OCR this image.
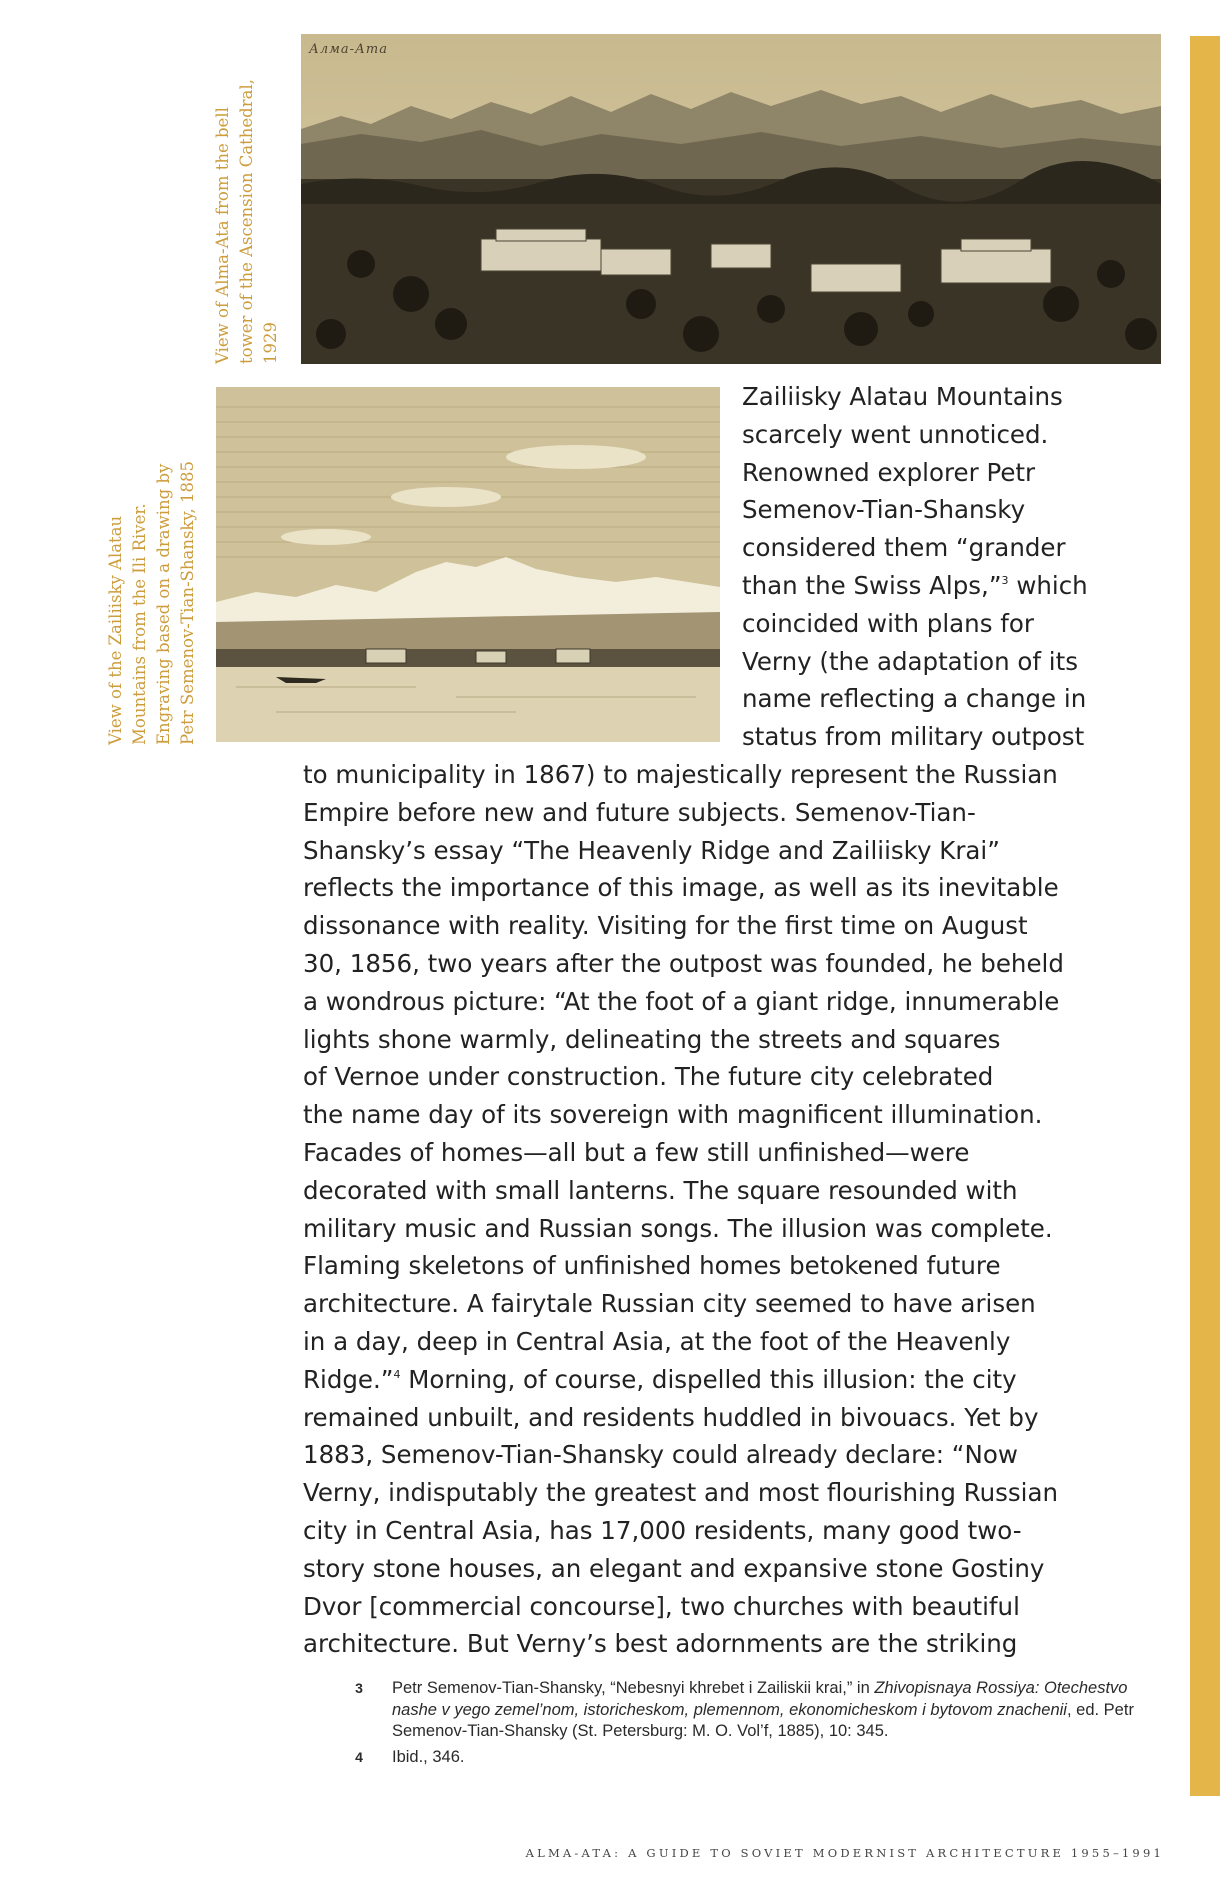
Алма-Ата
View of Alma-Ata from the bell tower of the Ascension Cathedral, 1929
View of the Zailiisky Alatau Mountains from the Ili River. Engraving based on a drawing by Petr Semenov-Tian-Shansky, 1885
Zailiisky Alatau Mountains
scarcely went unnoticed.
Renowned explorer Petr
Semenov-Tian-Shansky
considered them “grander
than the Swiss Alps,”$^3$ which
coincided with plans for
Verny (the adaptation of its
name reflecting a change in
status from military outpost
to municipality in 1867) to majestically represent the Russian
Empire before new and future subjects. Semenov-Tian-
Shansky’s essay “The Heavenly Ridge and Zailiisky Krai”
reflects the importance of this image, as well as its inevitable
dissonance with reality. Visiting for the first time on August
30, 1856, two years after the outpost was founded, he beheld
a wondrous picture: “At the foot of a giant ridge, innumerable
lights shone warmly, delineating the streets and squares
of Vernoe under construction. The future city celebrated
the name day of its sovereign with magnificent illumination.
Facades of homes—all but a few still unfinished—were
decorated with small lanterns. The square resounded with
military music and Russian songs. The illusion was complete.
Flaming skeletons of unfinished homes betokened future
architecture. A fairytale Russian city seemed to have arisen
in a day, deep in Central Asia, at the foot of the Heavenly
Ridge.”$^4$ Morning, of course, dispelled this illusion: the city
remained unbuilt, and residents huddled in bivouacs. Yet by
1883, Semenov-Tian-Shansky could already declare: “Now
Verny, indisputably the greatest and most flourishing Russian
city in Central Asia, has 17,000 residents, many good two-
story stone houses, an elegant and expansive stone Gostiny
Dvor [commercial concourse], two churches with beautiful
architecture. But Verny’s best adornments are the striking
3 Petr Semenov-Tian-Shansky, “Nebesnyi khrebet i Zailiskii krai,” in Zhivopisnaya Rossiya: Otechestvo nashe v yego zemel’nom, istoricheskom, plemennom, ekonomicheskom i bytovom znachenii, ed. Petr Semenov-Tian-Shansky (St. Petersburg: M. O. Vol’f, 1885), 10: 345.
4 Ibid., 346.
ALMA-ATA: A GUIDE TO SOVIET MODERNIST ARCHITECTURE 1955–1991
